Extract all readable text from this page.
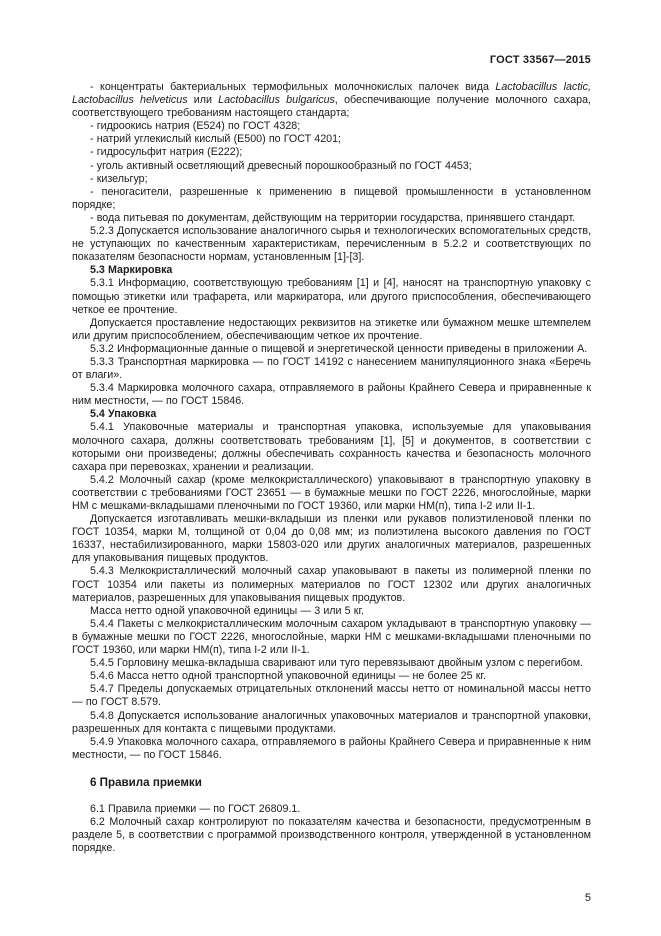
ГОСТ 33567—2015

- концентраты бактериальных термофильных молочнокислых палочек вида Lactobacillus lactic, Lactobacillus helveticus или Lactobacillus bulgaricus, обеспечивающие получение молочного сахара, соответствующего требованиям настоящего стандарта;

- гидроокись натрия (Е524) по ГОСТ 4328;

- натрий углекислый кислый (Е500) по ГОСТ 4201;

- гидросульфит натрия (Е222);

- уголь активный осветляющий древесный порошкообразный по ГОСТ 4453;

- кизельгур;

- пеногасители, разрешенные к применению в пищевой промышленности в установленном порядке;

- вода питьевая по документам, действующим на территории государства, принявшего стандарт.

5.2.3 Допускается использование аналогичного сырья и технологических вспомогательных средств, не уступающих по качественным характеристикам, перечисленным в 5.2.2 и соответствующих по показателям безопасности нормам, установленным [1]-[3].

5.3 Маркировка

5.3.1 Информацию, соответствующую требованиям [1] и [4], наносят на транспортную упаковку с помощью этикетки или трафарета, или маркиратора, или другого приспособления, обеспечивающего четкое ее прочтение.

Допускается проставление недостающих реквизитов на этикетке или бумажном мешке штемпелем или другим приспособлением, обеспечивающим четкое их прочтение.

5.3.2 Информационные данные о пищевой и энергетической ценности приведены в приложении А.

5.3.3 Транспортная маркировка — по ГОСТ 14192 с нанесением манипуляционного знака «Беречь от влаги».

5.3.4 Маркировка молочного сахара, отправляемого в районы Крайнего Севера и приравненные к ним местности, — по ГОСТ 15846.

5.4 Упаковка

5.4.1 Упаковочные материалы и транспортная упаковка, используемые для упаковывания молочного сахара, должны соответствовать требованиям [1], [5] и документов, в соответствии с которыми они произведены; должны обеспечивать сохранность качества и безопасность молочного сахара при перевозках, хранении и реализации.

5.4.2 Молочный сахар (кроме мелкокристаллического) упаковывают в транспортную упаковку в соответствии с требованиями ГОСТ 23651 — в бумажные мешки по ГОСТ 2226, многослойные, марки НМ с мешками-вкладышами пленочными по ГОСТ 19360, или марки НМ(п), типа I-2 или II-1.

Допускается изготавливать мешки-вкладыши из пленки или рукавов полиэтиленовой пленки по ГОСТ 10354, марки М, толщиной от 0,04 до 0,08 мм; из полиэтилена высокого давления по ГОСТ 16337, нестабилизированного, марки 15803-020 или других аналогичных материалов, разрешенных для упаковывания пищевых продуктов.

5.4.3 Мелкокристаллический молочный сахар упаковывают в пакеты из полимерной пленки по ГОСТ 10354 или пакеты из полимерных материалов по ГОСТ 12302 или других аналогичных материалов, разрешенных для упаковывания пищевых продуктов.

Масса нетто одной упаковочной единицы — 3 или 5 кг.

5.4.4 Пакеты с мелкокристаллическим молочным сахаром укладывают в транспортную упаковку — в бумажные мешки по ГОСТ 2226, многослойные, марки НМ с мешками-вкладышами пленочными по ГОСТ 19360, или марки НМ(п), типа I-2 или II-1.

5.4.5 Горловину мешка-вкладыша сваривают или туго перевязывают двойным узлом с перегибом.

5.4.6 Масса нетто одной транспортной упаковочной единицы — не более 25 кг.

5.4.7 Пределы допускаемых отрицательных отклонений массы нетто от номинальной массы нетто — по ГОСТ 8.579.

5.4.8 Допускается использование аналогичных упаковочных материалов и транспортной упаковки, разрешенных для контакта с пищевыми продуктами.

5.4.9 Упаковка молочного сахара, отправляемого в районы Крайнего Севера и приравненные к ним местности, — по ГОСТ 15846.

6 Правила приемки

6.1 Правила приемки — по ГОСТ 26809.1.

6.2 Молочный сахар контролируют по показателям качества и безопасности, предусмотренным в разделе 5, в соответствии с программой производственного контроля, утвержденной в установленном порядке.

5
